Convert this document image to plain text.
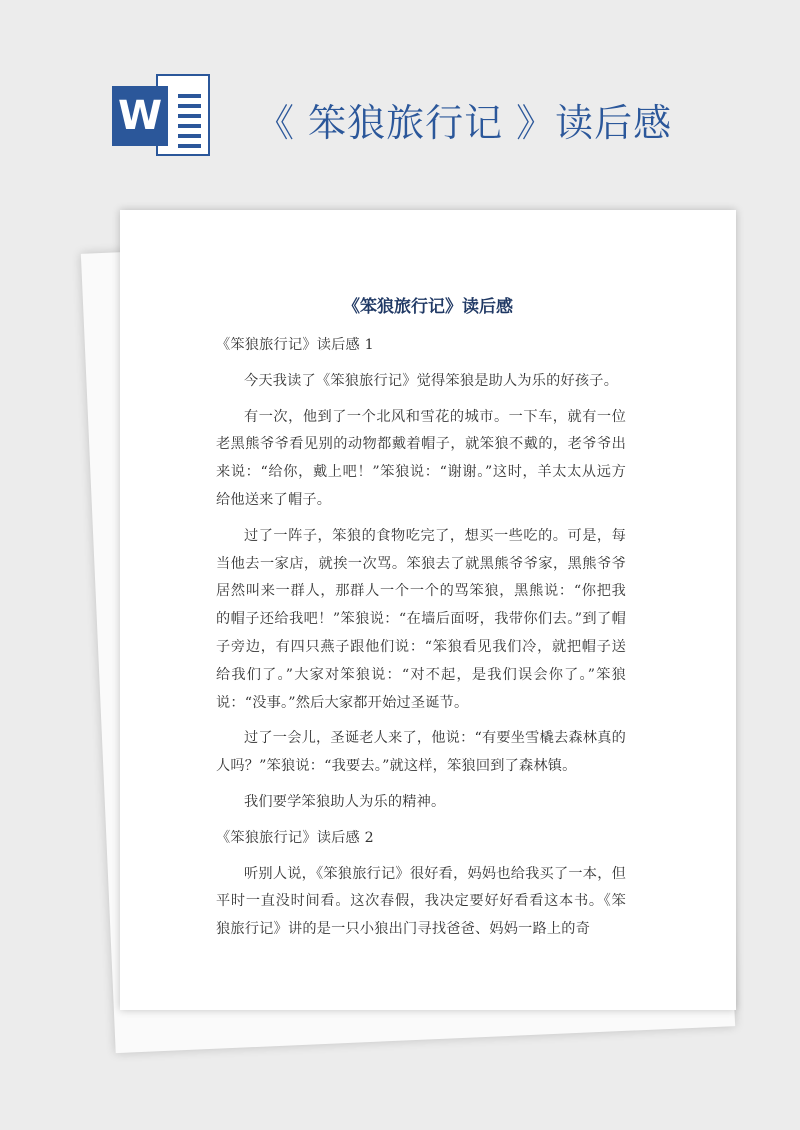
W 《 笨狼旅行记 》读后感
《笨狼旅行记》读后感

《笨狼旅行记》读后感 1

今天我读了《笨狼旅行记》觉得笨狼是助人为乐的好孩子。

有一次，他到了一个北风和雪花的城市。一下车，就有一位老黑熊爷爷看见别的动物都戴着帽子，就笨狼不戴的，老爷爷出来说：“给你，戴上吧！”笨狼说：“谢谢。”这时，羊太太从远方给他送来了帽子。

过了一阵子，笨狼的食物吃完了，想买一些吃的。可是，每当他去一家店，就挨一次骂。笨狼去了就黑熊爷爷家，黑熊爷爷居然叫来一群人，那群人一个一个的骂笨狼，黑熊说：“你把我的帽子还给我吧！”笨狼说：“在墙后面呀，我带你们去。”到了帽子旁边，有四只燕子跟他们说：“笨狼看见我们冷，就把帽子送给我们了。”大家对笨狼说：“对不起，是我们误会你了。”笨狼说：“没事。”然后大家都开始过圣诞节。

过了一会儿，圣诞老人来了，他说：“有要坐雪橇去森林真的人吗？”笨狼说：“我要去。”就这样，笨狼回到了森林镇。

我们要学笨狼助人为乐的精神。

《笨狼旅行记》读后感 2

听别人说，《笨狼旅行记》很好看，妈妈也给我买了一本，但平时一直没时间看。这次春假，我决定要好好看看这本书。《笨狼旅行记》讲的是一只小狼出门寻找爸爸、妈妈一路上的奇
